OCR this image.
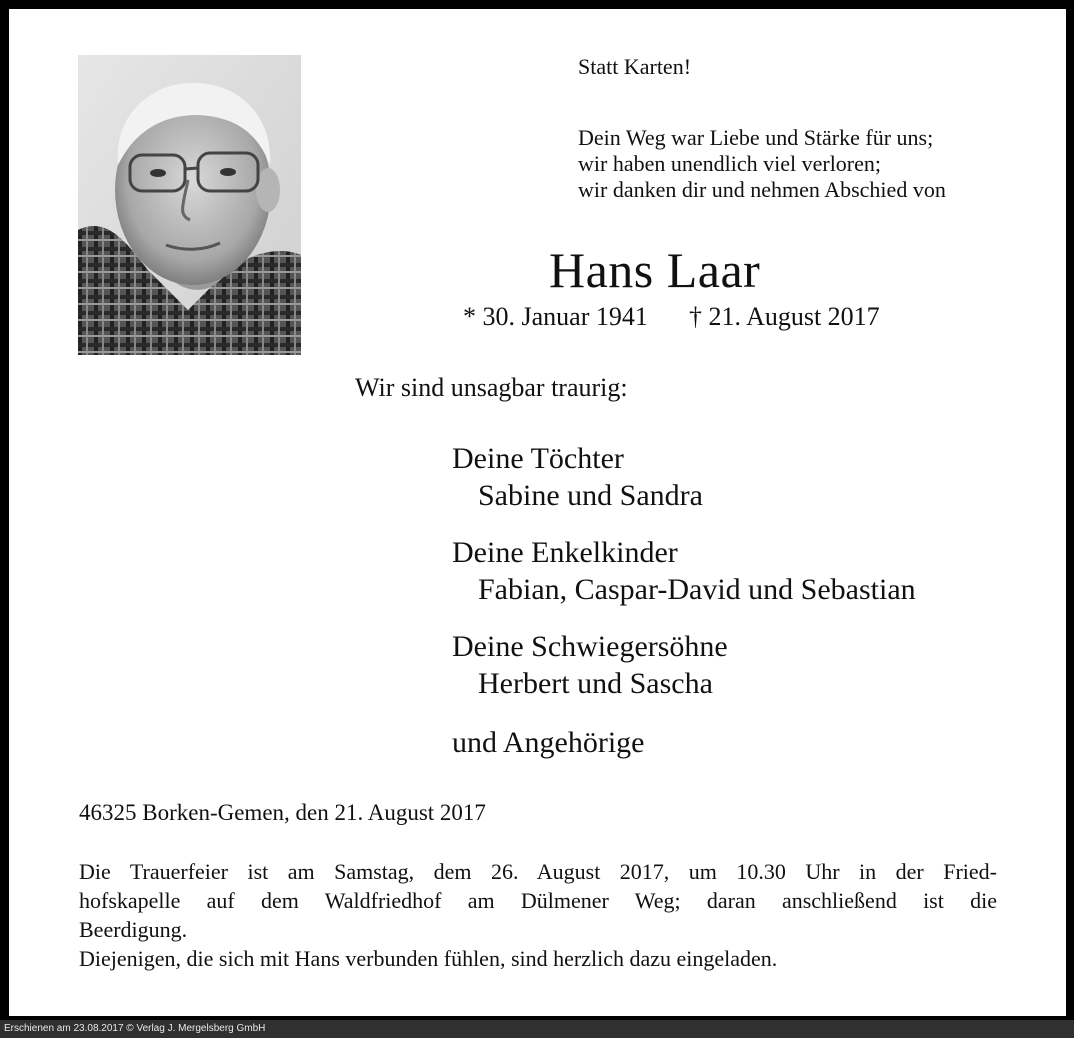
Statt Karten!
Dein Weg war Liebe und Stärke für uns;
wir haben unendlich viel verloren;
wir danken dir und nehmen Abschied von
Hans Laar
* 30. Januar 1941 † 21. August 2017
Wir sind unsagbar traurig:
Deine Töchter
Sabine und Sandra
Deine Enkelkinder
Fabian, Caspar-David und Sebastian
Deine Schwiegersöhne
Herbert und Sascha
und Angehörige
46325 Borken-Gemen, den 21. August 2017
Die Trauerfeier ist am Samstag, dem 26. August 2017, um 10.30 Uhr in der Fried-
hofskapelle auf dem Waldfriedhof am Dülmener Weg; daran anschließend ist die
Beerdigung.
Diejenigen, die sich mit Hans verbunden fühlen, sind herzlich dazu eingeladen.
Erschienen am 23.08.2017 © Verlag J. Mergelsberg GmbH
